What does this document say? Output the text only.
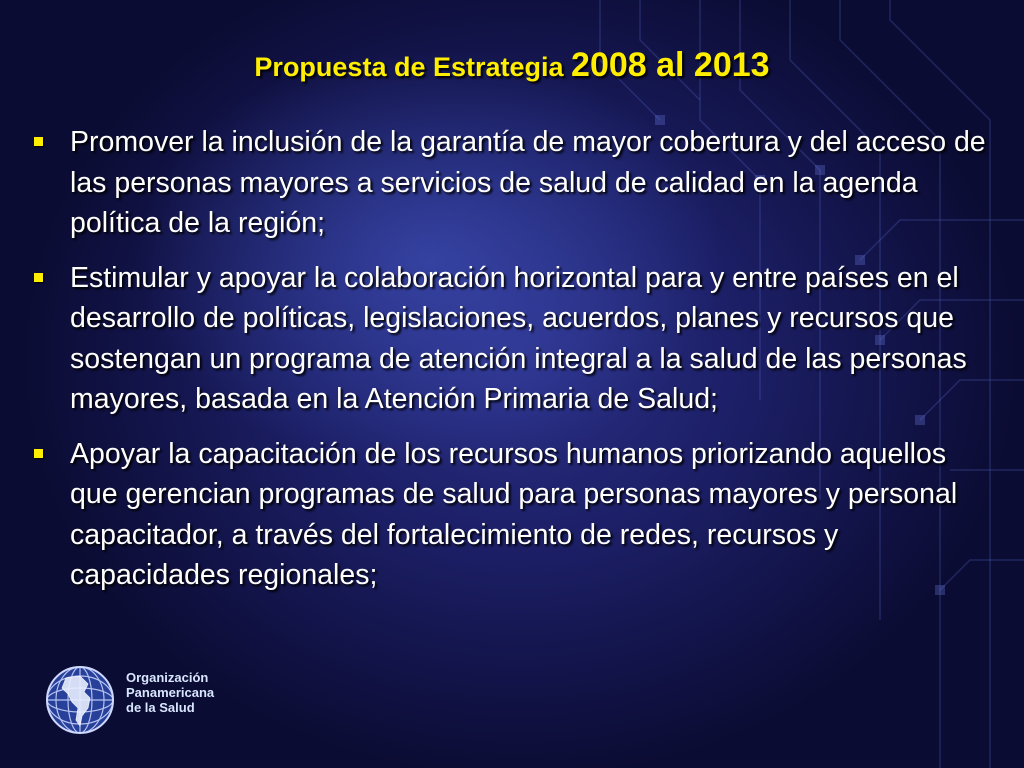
Propuesta de Estrategia 2008 al 2013
Promover la inclusión de la garantía de mayor cobertura y del acceso de las personas mayores a servicios de salud de calidad en la agenda política de la región;
Estimular y apoyar la colaboración horizontal para y entre países en el desarrollo de políticas, legislaciones, acuerdos, planes y recursos que sostengan un programa de atención integral a la salud de las personas mayores, basada en la Atención Primaria de Salud;
Apoyar la capacitación de los recursos humanos priorizando aquellos que gerencian programas de salud para personas mayores y personal capacitador, a través del fortalecimiento de redes, recursos y capacidades regionales;
Organización
Panamericana
de la Salud
